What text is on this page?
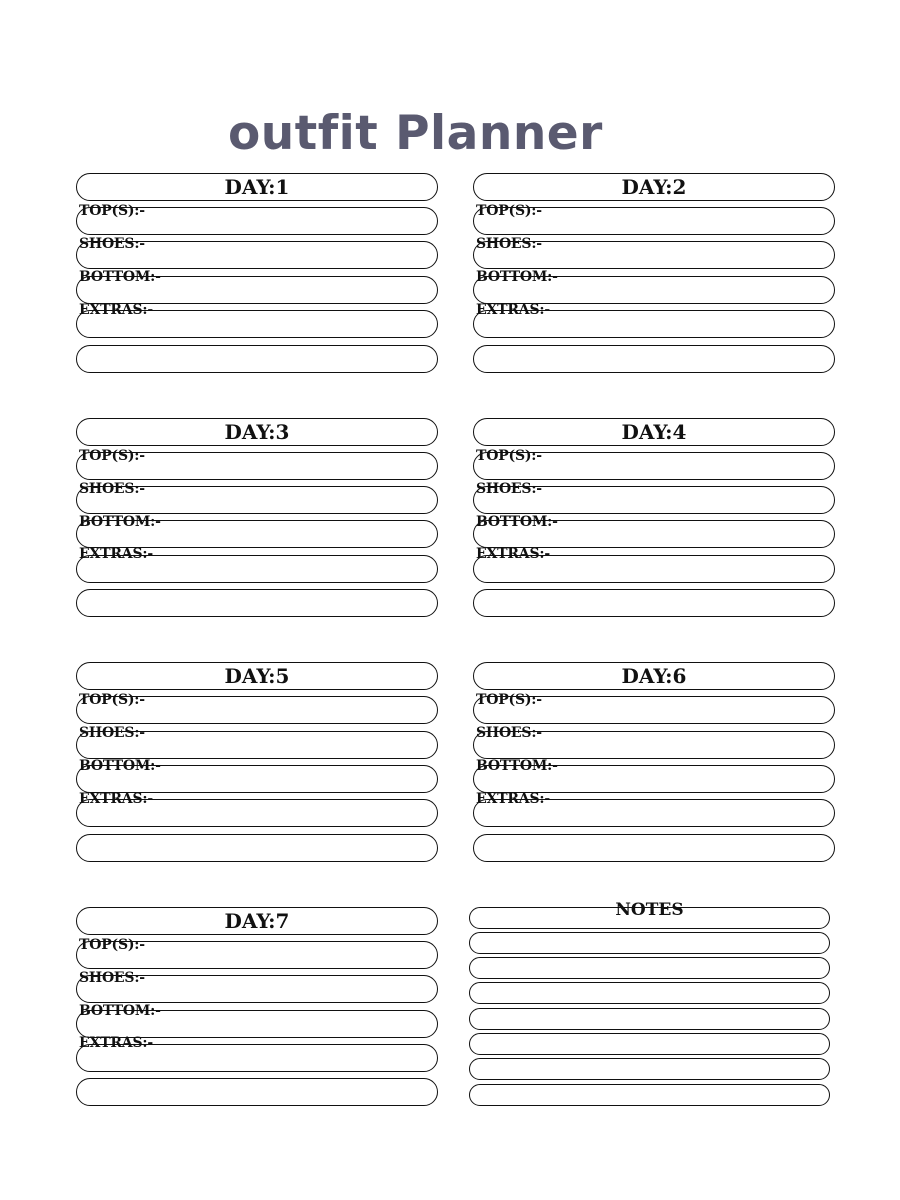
outfit Planner
DAY:1
TOP(S):-
SHOES:-
BOTTOM:-
EXTRAS:-
DAY:2
TOP(S):-
SHOES:-
BOTTOM:-
EXTRAS:-
DAY:3
TOP(S):-
SHOES:-
BOTTOM:-
EXTRAS:-
DAY:4
TOP(S):-
SHOES:-
BOTTOM:-
EXTRAS:-
DAY:5
TOP(S):-
SHOES:-
BOTTOM:-
EXTRAS:-
DAY:6
TOP(S):-
SHOES:-
BOTTOM:-
EXTRAS:-
DAY:7
TOP(S):-
SHOES:-
BOTTOM:-
EXTRAS:-
NOTES
